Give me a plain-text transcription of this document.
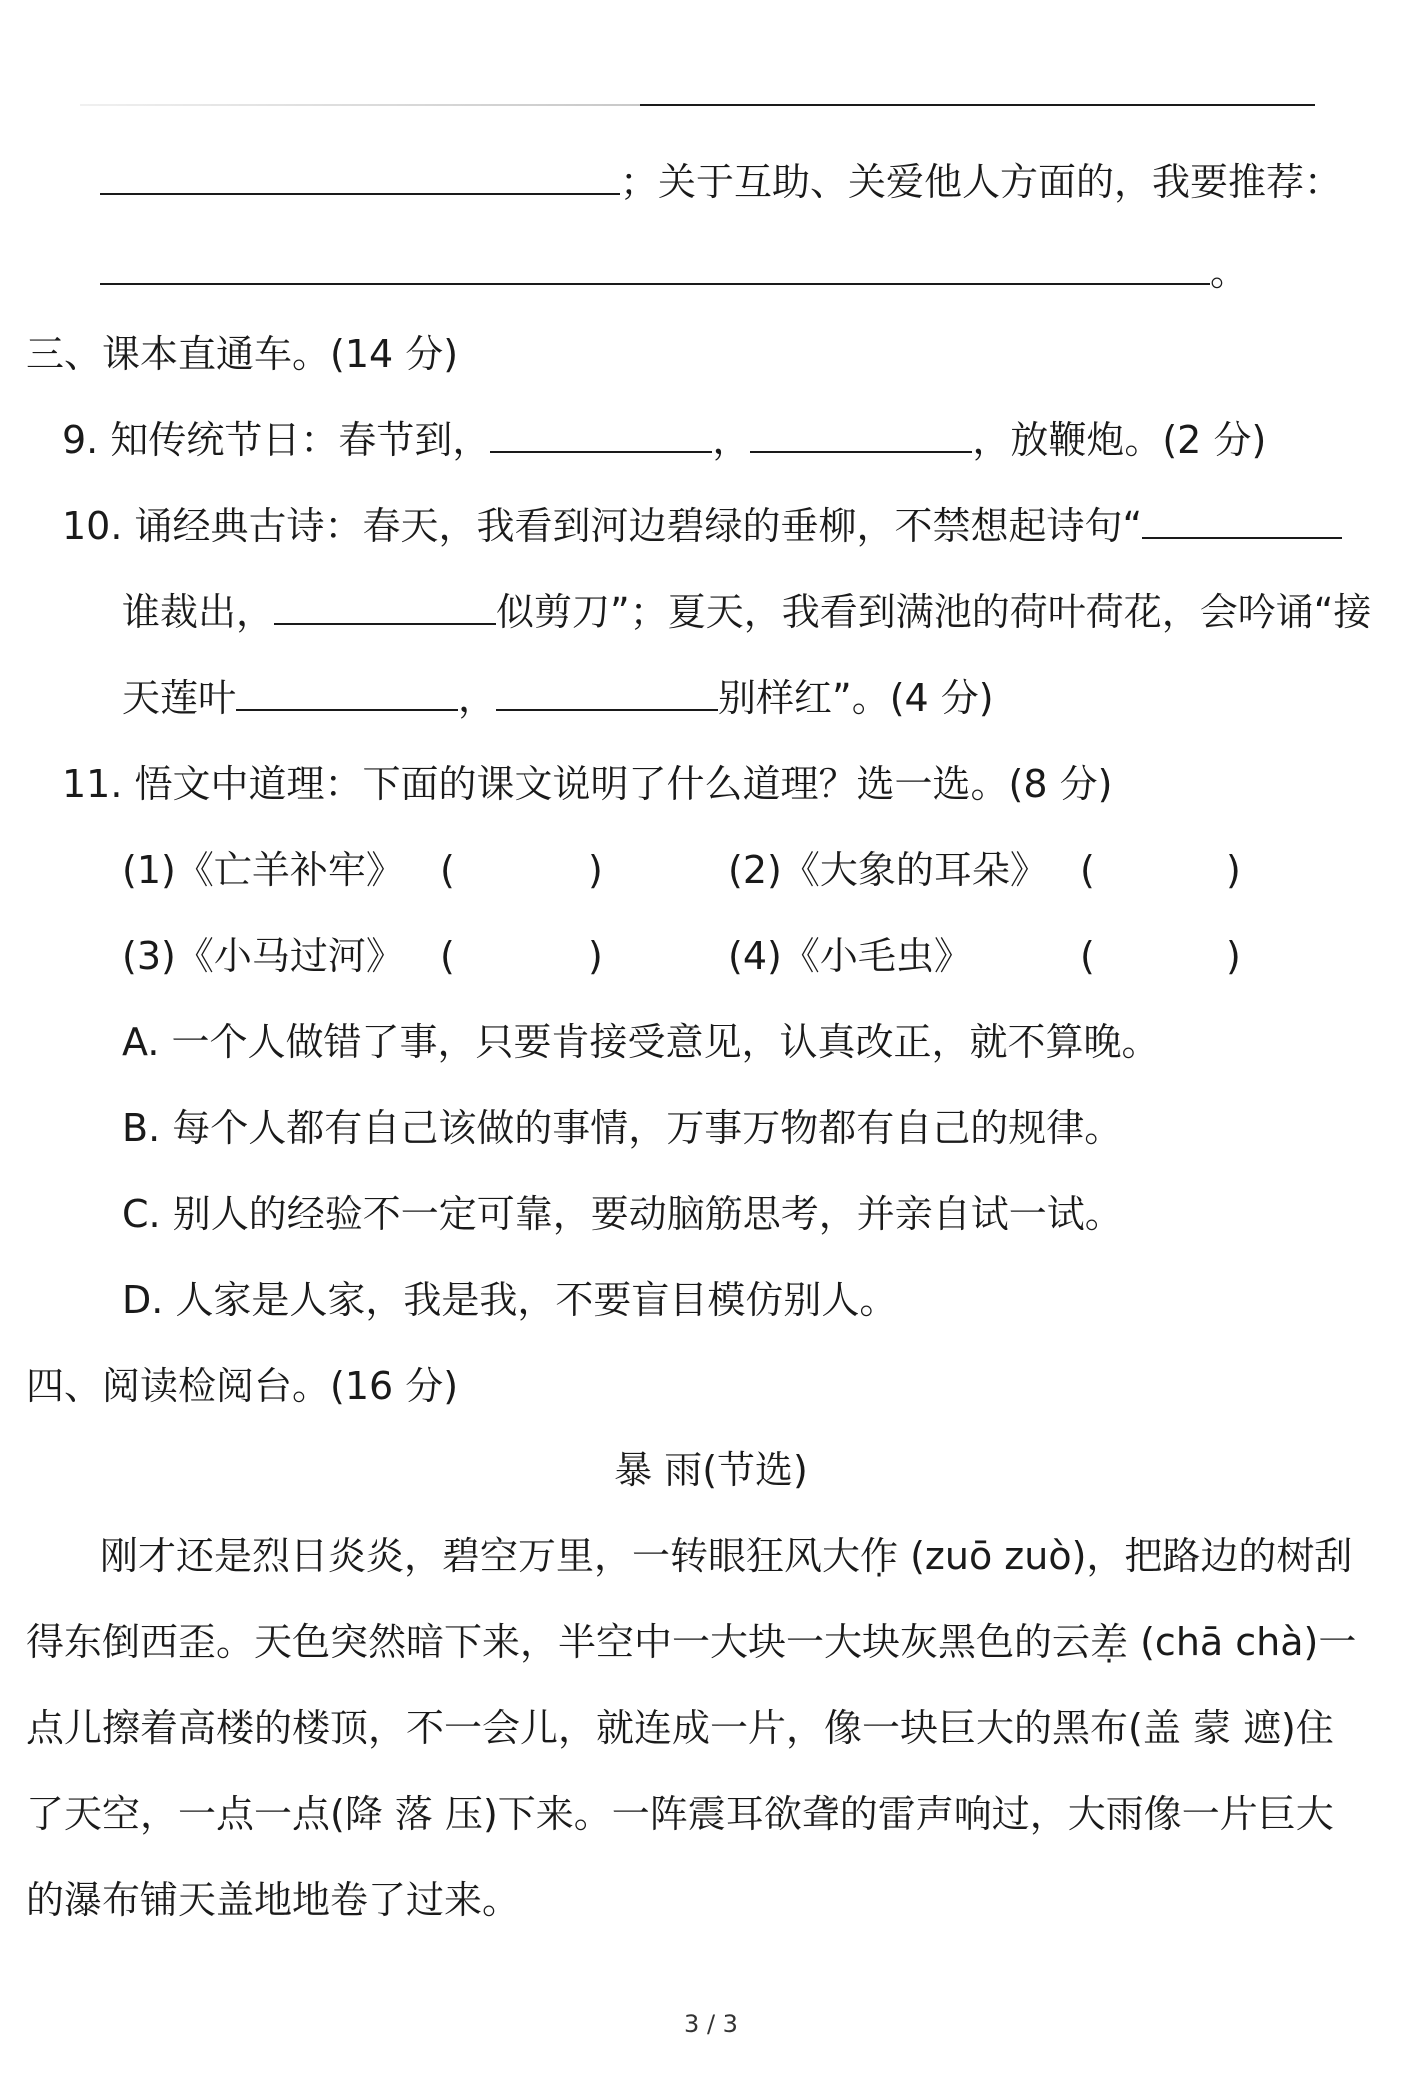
；关于互助、关爱他人方面的，我要推荐：
。
三、课本直通车。(14 分)
9. 知传统节日：春节到，	，	，放鞭炮。(2 分)
10. 诵经典古诗：春天，我看到河边碧绿的垂柳，不禁想起诗句“
谁裁出，	似剪刀”；夏天，我看到满池的荷叶荷花，会吟诵“接
天莲叶	，	别样红”。(4 分)
11. 悟文中道理：下面的课文说明了什么道理？选一选。(8 分)
(1)《亡羊补牢》 (	)	(2)《大象的耳朵》 (	)
(3)《小马过河》 (	)	(4)《小毛虫》	(	)
A. 一个人做错了事，只要肯接受意见，认真改正，就不算晚。
B. 每个人都有自己该做的事情，万事万物都有自己的规律。
C. 别人的经验不一定可靠，要动脑筋思考，并亲自试一试。
D. 人家是人家，我是我，不要盲目模仿别人。
四、阅读检阅台。(16 分)
暴 雨(节选)
刚才还是烈日炎炎，碧空万里，一转眼狂风大作 (zuō zuò)，把路边的树刮
得东倒西歪。天色突然暗下来，半空中一大块一大块灰黑色的云差 (chā chà)一
点儿擦着高楼的楼顶，不一会儿，就连成一片，像一块巨大的黑布(盖 蒙 遮)住
了天空，一点一点(降 落 压)下来。一阵震耳欲聋的雷声响过，大雨像一片巨大
的瀑布铺天盖地地卷了过来。
3 / 3
